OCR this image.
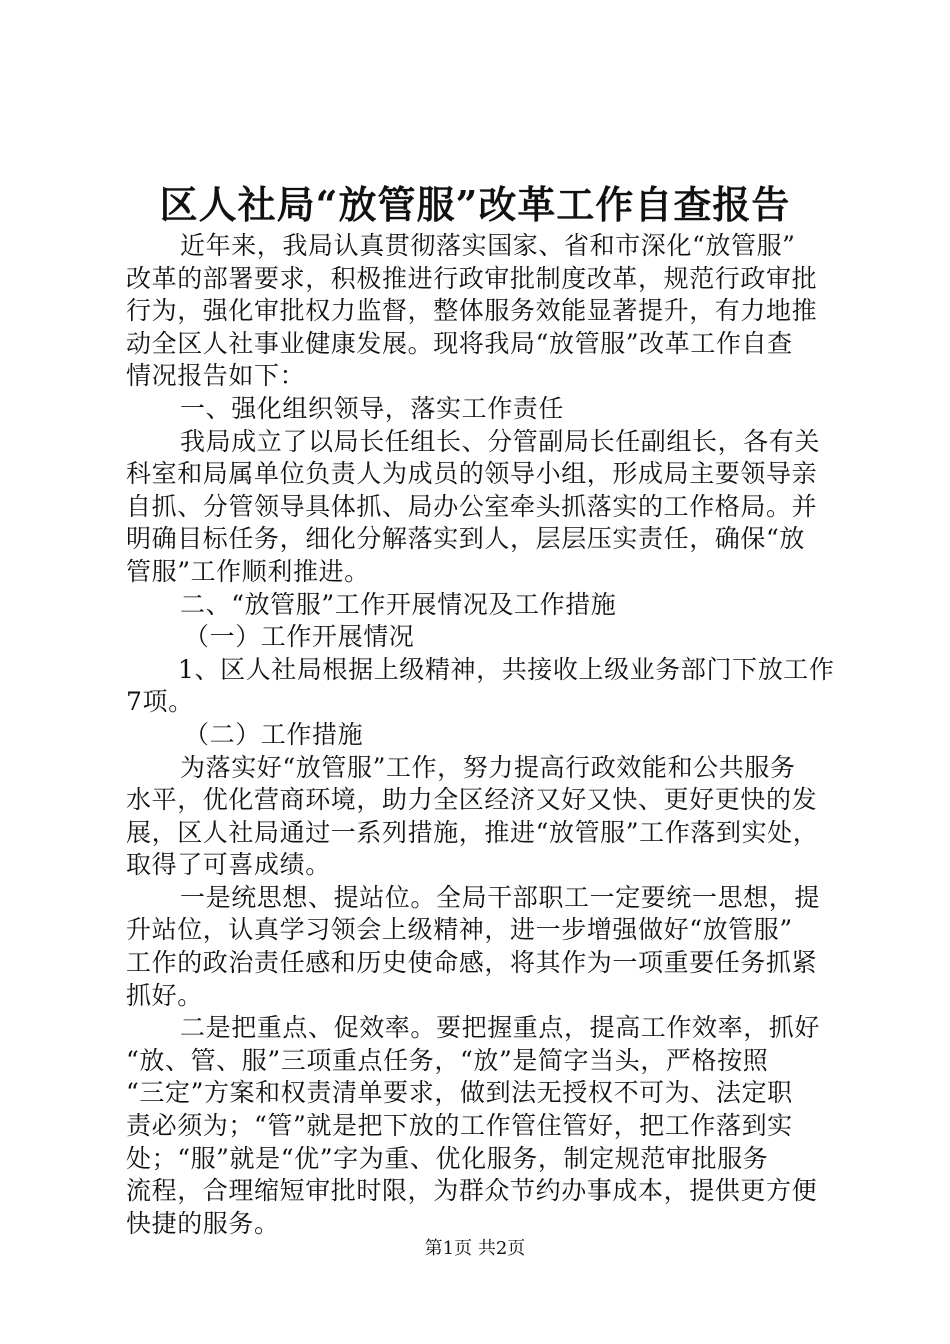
区人社局“放管服”改革工作自查报告
近年来，我局认真贯彻落实国家、省和市深化“放管服”
改革的部署要求，积极推进行政审批制度改革，规范行政审批
行为，强化审批权力监督，整体服务效能显著提升，有力地推
动全区人社事业健康发展。现将我局“放管服”改革工作自查
情况报告如下：
一、强化组织领导，落实工作责任
我局成立了以局长任组长、分管副局长任副组长，各有关
科室和局属单位负责人为成员的领导小组，形成局主要领导亲
自抓、分管领导具体抓、局办公室牵头抓落实的工作格局。并
明确目标任务，细化分解落实到人，层层压实责任，确保“放
管服”工作顺利推进。
二、“放管服”工作开展情况及工作措施
（一）工作开展情况
1、区人社局根据上级精神，共接收上级业务部门下放工作
7项。
（二）工作措施
为落实好“放管服”工作，努力提高行政效能和公共服务
水平，优化营商环境，助力全区经济又好又快、更好更快的发
展，区人社局通过一系列措施，推进“放管服”工作落到实处，
取得了可喜成绩。
一是统思想、提站位。全局干部职工一定要统一思想，提
升站位，认真学习领会上级精神，进一步增强做好“放管服”
工作的政治责任感和历史使命感，将其作为一项重要任务抓紧
抓好。
二是把重点、促效率。要把握重点，提高工作效率，抓好
“放、管、服”三项重点任务，“放”是简字当头，严格按照
“三定”方案和权责清单要求，做到法无授权不可为、法定职
责必须为；“管”就是把下放的工作管住管好，把工作落到实
处；“服”就是“优”字为重、优化服务，制定规范审批服务
流程，合理缩短审批时限，为群众节约办事成本，提供更方便
快捷的服务。
第1页 共2页
